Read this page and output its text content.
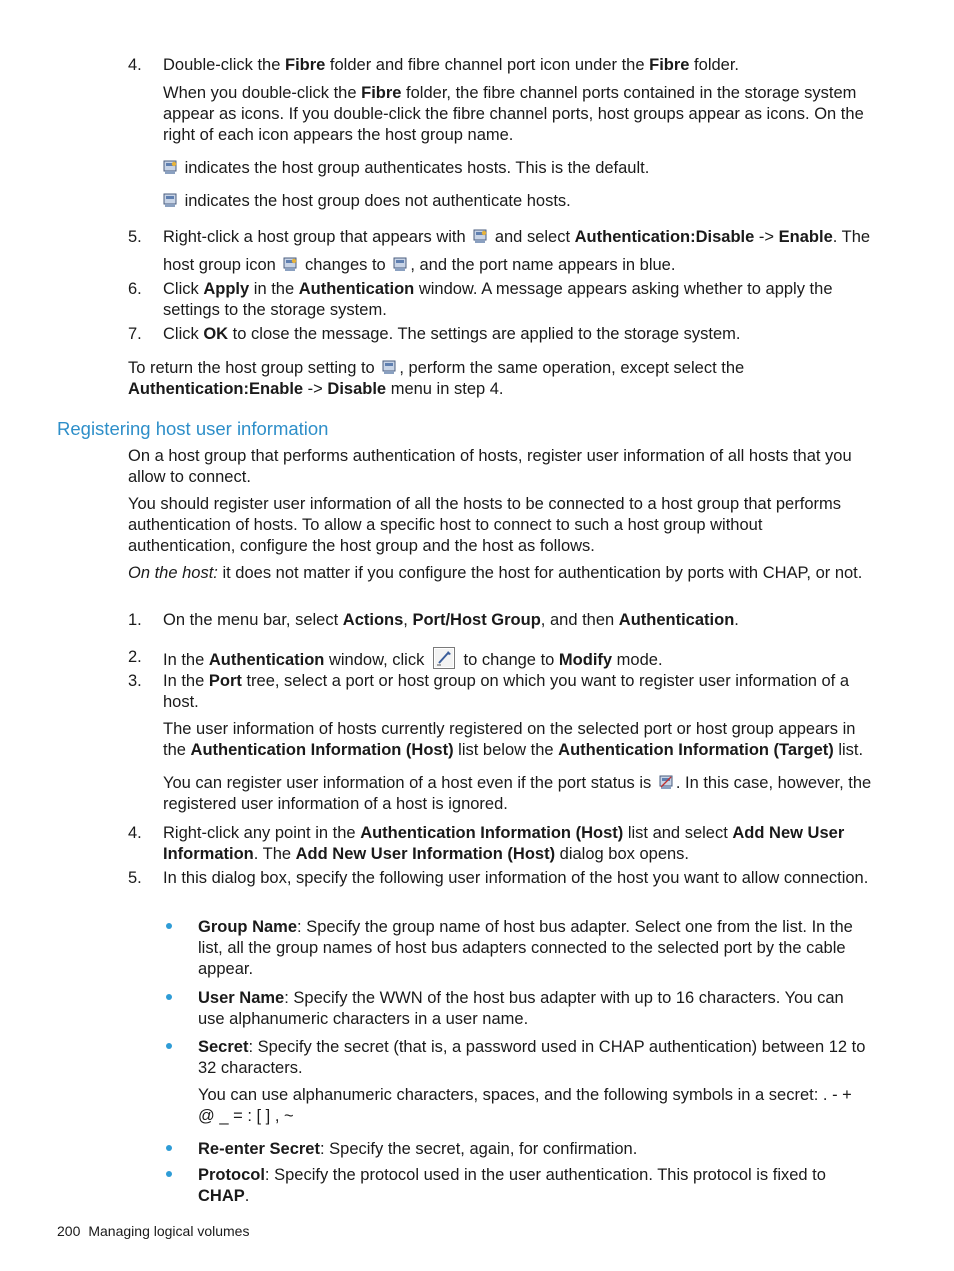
4. Double-click the Fibre folder and fibre channel port icon under the Fibre folder.
When you double-click the Fibre folder, the fibre channel ports contained in the storage system appear as icons. If you double-click the fibre channel ports, host groups appear as icons. On the right of each icon appears the host group name.
indicates the host group authenticates hosts. This is the default.
indicates the host group does not authenticate hosts.
5. Right-click a host group that appears with
and select Authentication:Disable -> Enable. The host group icon
changes to
, and the port name appears in blue.
6. Click Apply in the Authentication window. A message appears asking whether to apply the settings to the storage system.
7. Click OK to close the message. The settings are applied to the storage system.
To return the host group setting to
, perform the same operation, except select the Authentication:Enable -> Disable menu in step 4.
Registering host user information
On a host group that performs authentication of hosts, register user information of all hosts that you allow to connect.
You should register user information of all the hosts to be connected to a host group that performs authentication of hosts. To allow a specific host to connect to such a host group without authentication, configure the host group and the host as follows.
On the host: it does not matter if you configure the host for authentication by ports with CHAP, or not.
1. On the menu bar, select Actions, Port/Host Group, and then Authentication.
2. In the Authentication window, click
to change to Modify mode.
3. In the Port tree, select a port or host group on which you want to register user information of a host.
The user information of hosts currently registered on the selected port or host group appears in the Authentication Information (Host) list below the Authentication Information (Target) list.
You can register user information of a host even if the port status is
. In this case, however, the registered user information of a host is ignored.
4. Right-click any point in the Authentication Information (Host) list and select Add New User Information. The Add New User Information (Host) dialog box opens.
5. In this dialog box, specify the following user information of the host you want to allow connection.
Group Name: Specify the group name of host bus adapter. Select one from the list. In the list, all the group names of host bus adapters connected to the selected port by the cable appear.
User Name: Specify the WWN of the host bus adapter with up to 16 characters. You can use alphanumeric characters in a user name.
Secret: Specify the secret (that is, a password used in CHAP authentication) between 12 to 32 characters.
You can use alphanumeric characters, spaces, and the following symbols in a secret: . - + @ _ = : [ ] , ~
Re-enter Secret: Specify the secret, again, for confirmation.
Protocol: Specify the protocol used in the user authentication. This protocol is fixed to CHAP.
200 Managing logical volumes
